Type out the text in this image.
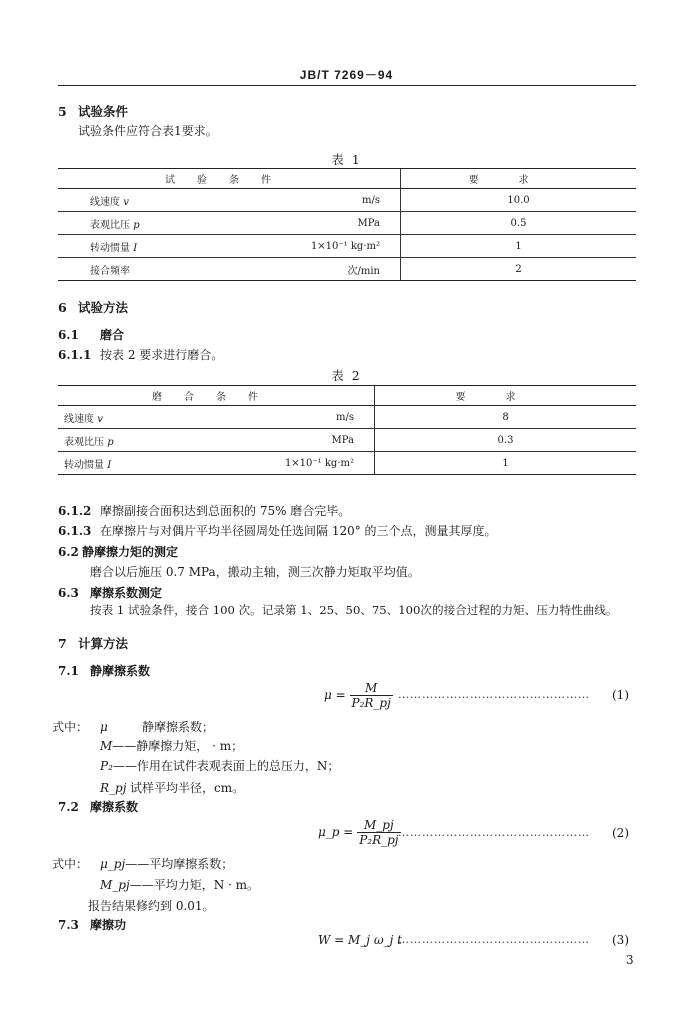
JB/T 7269－94
5 试验条件
试验条件应符合表1要求。
表 1
试验条件		要求
线速度 v	m/s	10.0
表观比压 p	MPa	0.5
转动惯量 I	1×10⁻¹ kg·m²	1
接合频率	次/min	2
6 试验方法
6.1 磨合
6.1.1 按表 2 要求进行磨合。
表 2
磨合条件		要求
线速度 v	m/s	8
表观比压 p	MPa	0.3
转动惯量 I	1×10⁻¹ kg·m²	1
6.1.2 摩擦副接合面积达到总面积的 75% 磨合完毕。
6.1.3 在摩擦片与对偶片平均半径圆周处任选间隔 120° 的三个点，测量其厚度。
6.2 静摩擦力矩的测定
磨合以后施压 0.7 MPa，搬动主轴，测三次静力矩取平均值。
6.3 摩擦系数测定
按表 1 试验条件，接合 100 次。记录第 1、25、50、75、100次的接合过程的力矩、压力特性曲线。
7 计算方法
7.1 静摩擦系数
$\mu = \frac{M}{\text{P₂R\_pj}}$ ………………………………………… (1)
式中： μ	静摩擦系数；
M——静摩擦力矩， · m；
P₂——作用在试件表观表面上的总压力，N；
R_pj 试样平均半径，cm。
7.2 摩擦系数
μ_p = $\frac{M\_pj}{\text{P₂R\_pj}}$
………………………………………… (2)
式中： μ_pj——平均摩擦系数；
M_pj——平均力矩，N · m。
报告结果修约到 0.01。
7.3 摩擦功
W = M_j ω_j t
………………………………………… (3)
3
